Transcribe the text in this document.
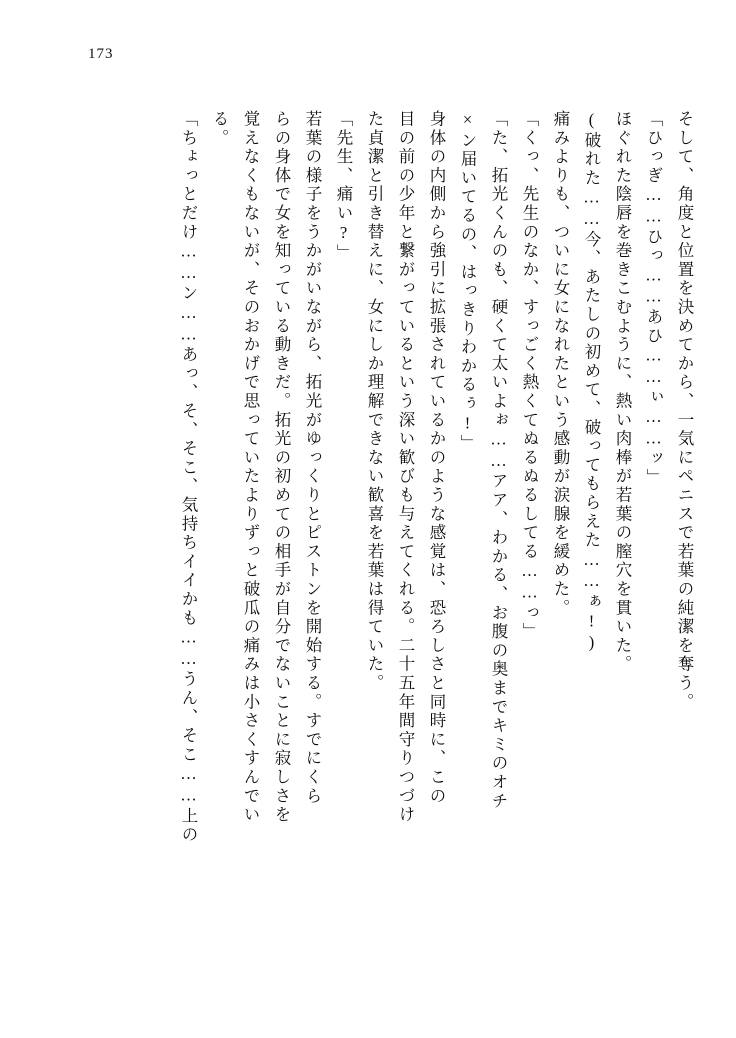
173
そして、角度と位置を決めてから、一気にペニスで若葉の純潔を奪う。
「ひっぎ……ひっ……あひ……ぃ……ッ」
ほぐれた陰唇を巻きこむように、熱い肉棒が若葉の膣穴を貫いた。
(破れた……今、あたしの初めて、破ってもらえた……ぁ!)
痛みよりも、ついに女になれたという感動が涙腺を緩めた。
「くっ、先生のなか、すっごく熱くてぬるぬるしてる……っ」
「た、拓光くんのも、硬くて太いよぉ……アア、わかる、お腹の奥までキミのオチ
×ン届いてるの、はっきりわかるぅ!」
身体の内側から強引に拡張されているかのような感覚は、恐ろしさと同時に、この
目の前の少年と繋がっているという深い歓びも与えてくれる。二十五年間守りつづけ
た貞潔と引き替えに、女にしか理解できない歓喜を若葉は得ていた。
「先生、痛い?」
若葉の様子をうかがいながら、拓光がゆっくりとピストンを開始する。すでにくら
らの身体で女を知っている動きだ。拓光の初めての相手が自分でないことに寂しさを
覚えなくもないが、そのおかげで思っていたよりずっと破瓜の痛みは小さくすんでい
る。
「ちょっとだけ……ン……あっ、そ、そこ、気持ちイイかも……うん、そこ……上の
